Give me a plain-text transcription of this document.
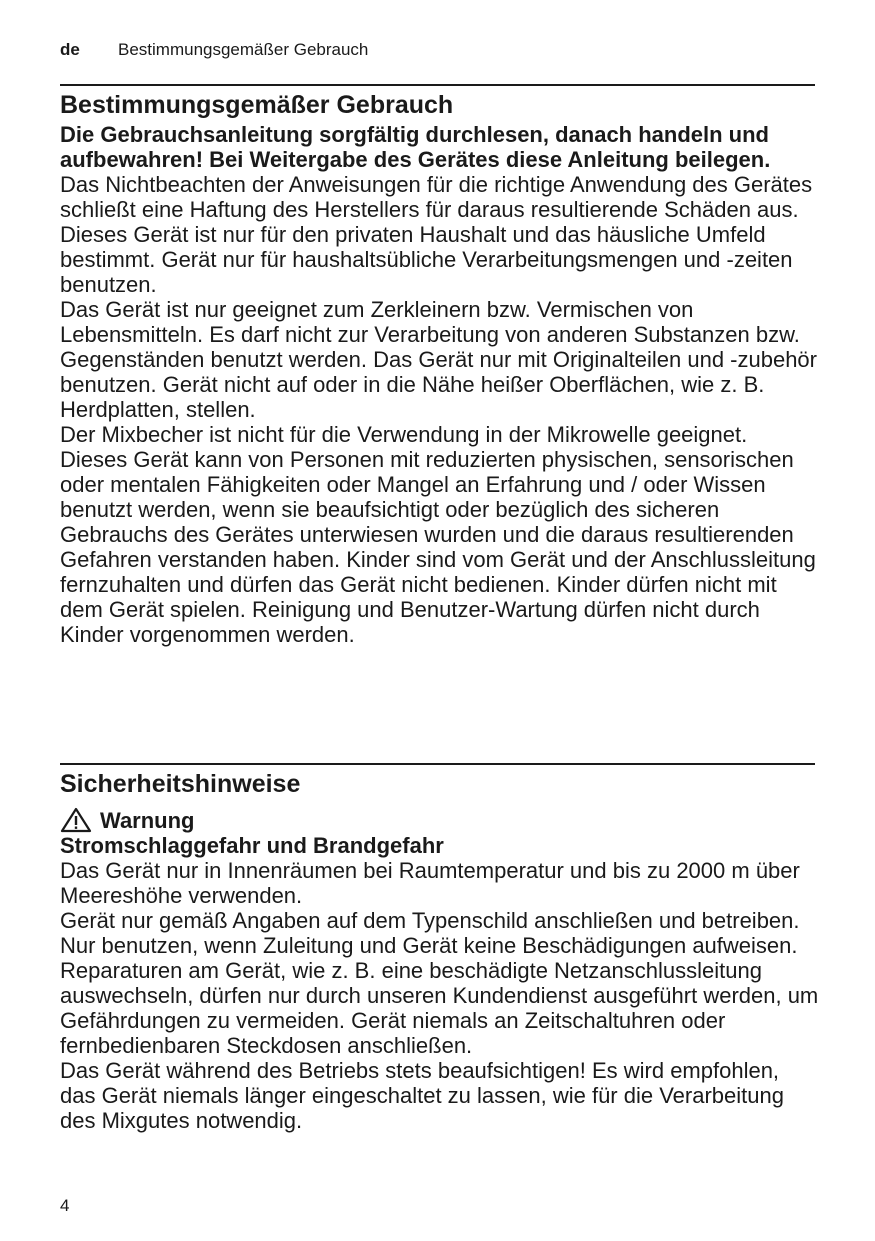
de Bestimmungsgemäßer Gebrauch
Bestimmungsgemäßer Gebrauch

Die Gebrauchsanleitung sorgfältig durchlesen, danach handeln und aufbewahren! Bei Weitergabe des Gerätes diese Anleitung beilegen.

Das Nichtbeachten der Anweisungen für die richtige Anwendung des Gerätes schließt eine Haftung des Herstellers für daraus resultierende Schäden aus.

Dieses Gerät ist nur für den privaten Haushalt und das häusliche Umfeld bestimmt. Gerät nur für haushaltsübliche Verarbeitungsmengen und -zeiten benutzen.

Das Gerät ist nur geeignet zum Zerkleinern bzw. Vermischen von Lebensmitteln. Es darf nicht zur Verarbeitung von anderen Substanzen bzw. Gegenständen benutzt werden. Das Gerät nur mit Originalteilen und -zubehör benutzen. Gerät nicht auf oder in die Nähe heißer Oberflächen, wie z. B. Herdplatten, stellen.

Der Mixbecher ist nicht für die Verwendung in der Mikrowelle geeignet.

Dieses Gerät kann von Personen mit reduzierten physischen, sensorischen oder mentalen Fähigkeiten oder Mangel an Erfahrung und / oder Wissen benutzt werden, wenn sie beaufsichtigt oder bezüglich des sicheren Gebrauchs des Gerätes unterwiesen wurden und die daraus resultierenden Gefahren verstanden haben. Kinder sind vom Gerät und der Anschlussleitung fernzuhalten und dürfen das Gerät nicht bedienen. Kinder dürfen nicht mit dem Gerät spielen. Reinigung und Benutzer-Wartung dürfen nicht durch Kinder vorgenommen werden.

Sicherheitshinweise
Warnung

Stromschlaggefahr und Brandgefahr

Das Gerät nur in Innenräumen bei Raumtemperatur und bis zu 2000 m über Meereshöhe verwenden.

Gerät nur gemäß Angaben auf dem Typenschild anschließen und betreiben. Nur benutzen, wenn Zuleitung und Gerät keine Beschädigungen aufweisen. Reparaturen am Gerät, wie z. B. eine beschädigte Netzanschlussleitung auswechseln, dürfen nur durch unseren Kundendienst ausgeführt werden, um Gefährdungen zu vermeiden. Gerät niemals an Zeitschaltuhren oder fernbedienbaren Steckdosen anschließen.

Das Gerät während des Betriebs stets beaufsichtigen! Es wird empfohlen, das Gerät niemals länger eingeschaltet zu lassen, wie für die Verarbeitung des Mixgutes notwendig.

4
